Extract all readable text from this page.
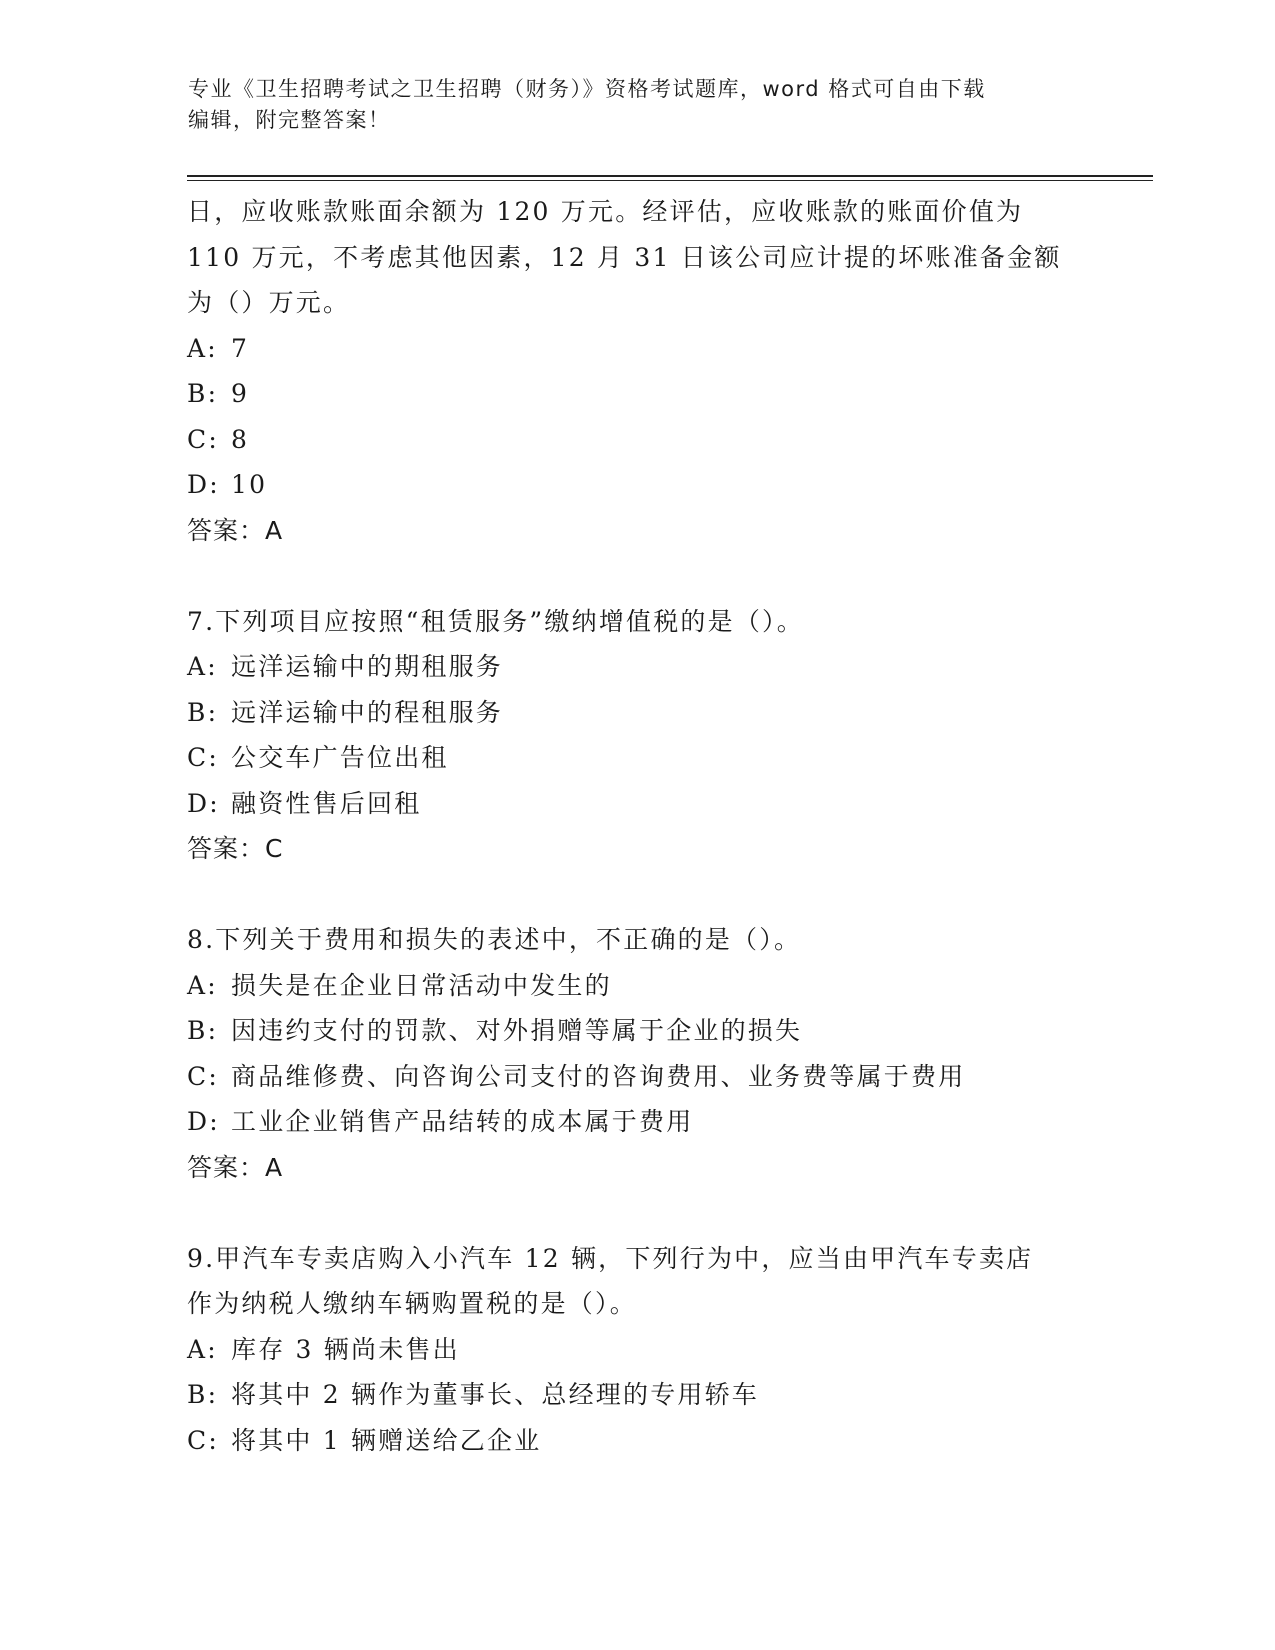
专业《卫生招聘考试之卫生招聘（财务）》资格考试题库，word 格式可自由下载
编辑，附完整答案！
日，应收账款账面余额为 120 万元。经评估，应收账款的账面价值为
110 万元，不考虑其他因素，12 月 31 日该公司应计提的坏账准备金额
为（）万元。
A: 7
B: 9
C: 8
D: 10
答案：A
7.下列项目应按照“租赁服务”缴纳增值税的是（）。
A: 远洋运输中的期租服务
B: 远洋运输中的程租服务
C: 公交车广告位出租
D: 融资性售后回租
答案：C
8.下列关于费用和损失的表述中，不正确的是（）。
A: 损失是在企业日常活动中发生的
B: 因违约支付的罚款、对外捐赠等属于企业的损失
C: 商品维修费、向咨询公司支付的咨询费用、业务费等属于费用
D: 工业企业销售产品结转的成本属于费用
答案：A
9.甲汽车专卖店购入小汽车 12 辆，下列行为中，应当由甲汽车专卖店
作为纳税人缴纳车辆购置税的是（）。
A: 库存 3 辆尚未售出
B: 将其中 2 辆作为董事长、总经理的专用轿车
C: 将其中 1 辆赠送给乙企业
